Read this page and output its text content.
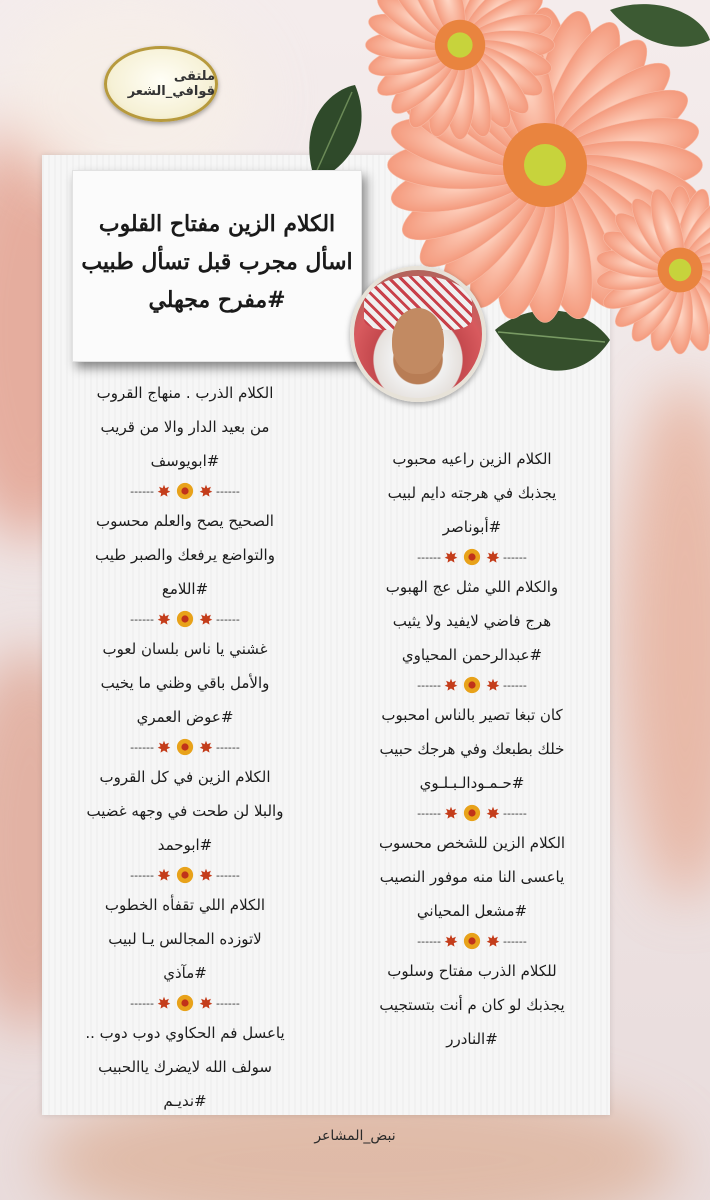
ملتقى قوافي_الشعر
الكلام الزين مفتاح القلوب
اسأل مجرب قبل تسأل طبيب
#مفرح مجهلي
الكلام الذرب . منهاج القروب
من بعيد الدار والا من قريب
#ابويوسف
------	------
الصحيح يصح والعلم محسوب
والتواضع يرفعك والصبر طيب
#اللامع
------	------
غشني يا ناس بلسان لعوب
والأمل باقي وظني ما يخيب
#عوض العمري
------	------
الكلام الزين في كل القروب
والبلا لن طحت في وجهه غضيب
#ابوحمد
------	------
الكلام اللي تقفأه الخطوب
لاتوزده المجالس يـا لبيب
#مآذي
------	------
ياعسل فم الحكاوي دوب دوب ..
سولف الله لايضرك ياالحبيب
#نديـم
الكلام الزين راعيه محبوب
يجذبك في هرجته دايم لبيب
#أبوناصر
------	------
والكلام اللي مثل عج الهبوب
هرج فاضي لايفيد ولا يثيب
#عبدالرحمن المحياوي
------	------
كان تبغا تصير بالناس امحبوب
خلك بطبعك وفي هرجك حبيب
#حـمـودالـبـلـوي
------	------
الكلام الزين للشخص محسوب
ياعسى النا منه موفور النصيب
#مشعل المحياني
------	------
للكلام الذرب مفتاح وسلوب
يجذبك لو كان م أنت بتستجيب
#النادرر
نبض_المشاعر
